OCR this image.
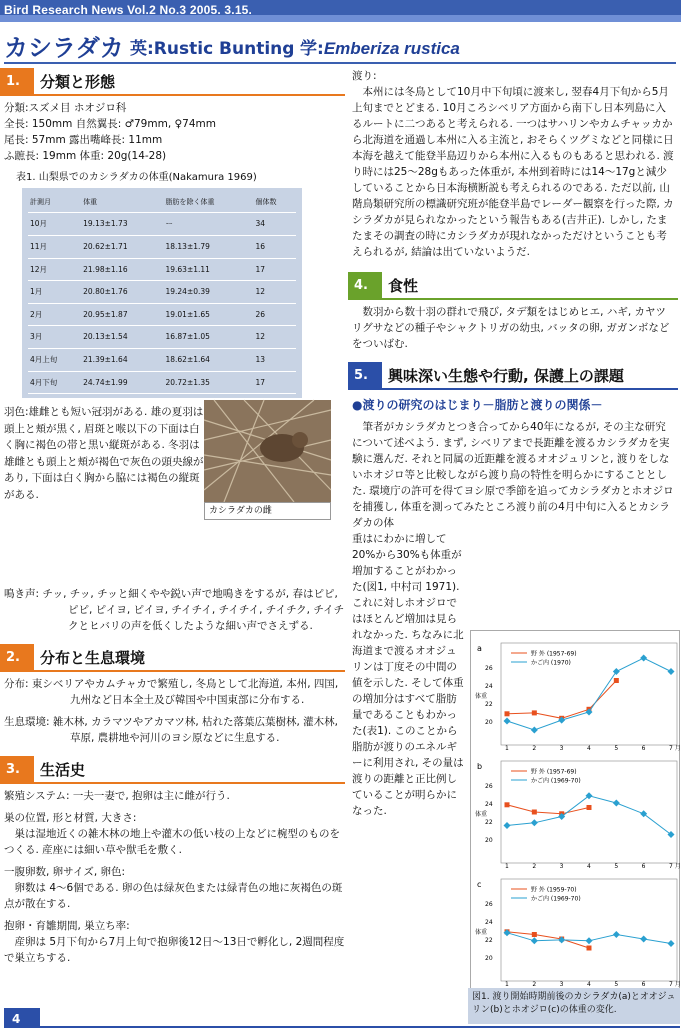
Bird Research News Vol.2 No.3 2005. 3.15.
カシラダカ 英:Rustic Bunting 学:Emberiza rustica
1.	分類と形態
分類:スズメ目 ホオジロ科
全長: 150mm 自然翼長: ♂79mm, ♀74mm
尾長: 57mm 露出嘴峰長: 11mm
ふ蹠長: 19mm 体重: 20g(14-28)
表1. 山梨県でのカシラダカの体重(Nakamura 1969)
計測月	体重	脂肪を除く体重	個体数
10月	19.13±1.73	ー	34
11月	20.62±1.71	18.13±1.79	16
12月	21.98±1.16	19.63±1.11	17
1月	20.80±1.76	19.24±0.39	12
2月	20.95±1.87	19.01±1.65	26
3月	20.13±1.54	16.87±1.05	12
4月上旬	21.39±1.64	18.62±1.64	13
4月下旬	24.74±1.99	20.72±1.35	17
羽色:雄雌とも短い冠羽がある. 雄の夏羽は頭上と頬が黒く, 眉斑と喉以下の下面は白く胸に褐色の帯と黒い縦斑がある. 冬羽は雄雌とも頭上と頬が褐色で灰色の頭央線があり, 下面は白く胸から脇には褐色の縦斑がある.
鳴き声: チッ, チッ, チッと細くやや鋭い声で地鳴きをするが, 春はピピ, ピピ, ピイヨ, ピイヨ, チイチイ, チイチイ, チイチク, チイチクとヒバリの声を低くしたような細い声でさえずる.
2.	分布と生息環境
分布: 東シベリアやカムチャカで繁殖し, 冬鳥として北海道, 本州, 四国, 九州など日本全土及び韓国や中国東部に分布する.
生息環境: 雑木林, カラマツやアカマツ林, 枯れた落葉広葉樹林, 灌木林, 草原, 農耕地や河川のヨシ原などに生息する.
3.	生活史
繁殖システム: 一夫一妻で, 抱卵は主に雌が行う.
巣の位置, 形と材質, 大きさ:
巣は湿地近くの雑木林の地上や灌木の低い枝の上などに椀型のものをつくる. 産座には細い草や獣毛を敷く.
一腹卵数, 卵サイズ, 卵色:
卵数は 4〜6個である. 卵の色は緑灰色または緑青色の地に灰褐色の斑点が散在する.
抱卵・育雛期間, 巣立ち率:
産卵は 5月下旬から7月上旬で抱卵後12日〜13日で孵化し, 2週間程度で巣立ちする.
カシラダカの雌
渡り:
本州には冬鳥として10月中下旬頃に渡来し, 翌春4月下旬から5月上旬までとどまる. 10月ころシベリア方面から南下し日本列島に入るルートに二つあると考えられる. 一つはサハリンやカムチャッカから北海道を通過し本州に入る主流と, おそらくツグミなどと同様に日本海を越えて能登半島辺りから本州に入るものもあると思われる. 渡り時には25〜28gもあった体重が, 本州到着時には14〜17gと減少していることから日本海横断説も考えられるのである. ただ以前, 山階鳥類研究所の標識研究班が能登半島でレーダー観察を行った際, カシラダカが見られなかったという報告もある(吉井正). しかし, たまたまその調査の時にカシラダカが現れなかっただけということも考えられるが, 結論は出ていないようだ.
4.	食性
数羽から数十羽の群れで飛び, タデ類をはじめヒエ, ハギ, カヤツリグサなどの種子やシャクトリガの幼虫, バッタの卵, ガガンボなどをついばむ.
5.	興味深い生態や行動, 保護上の課題
●渡りの研究のはじまり－脂肪と渡りの関係－
筆者がカシラダカとつき合ってから40年になるが, その主な研究について述べよう. まず, シベリアまで長距離を渡るカシラダカを実験に選んだ. それと同属の近距離を渡るオオジュリンと, 渡りをしないホオジロ等と比較しながら渡り鳥の特性を明らかにすることとした. 環境庁の許可を得てヨシ原で季節を追ってカシラダカとホオジロを捕獲し, 体重を測ってみたところ渡り前の4月中旬に入るとカシラダカの体
重はにわかに増して20%から30%も体重が増加することがわかった(図1, 中村司 1971). これに対しホオジロではほとんど増加は見られなかった. ちなみに北海道まで渡るオオジュリンは丁度その中間の値を示した. そして体重の増加分はすべて脂肪量であることもわかった(表1). このことから脂肪が渡りのエネルギーに利用され, その量は渡りの距離と正比例していることが明らかになった.
a
26
24
22
20
体重
1	2	3	4	5	6	7 月
野 外 (1957-69)
かご内 (1970)
b
26
24
22
20
体重
1	2	3	4	5	6	7 月
野 外 (1957-69)
かご内 (1969-70)
c
26
24
22
20
体重
1	2	3	4	5	6	7 月
野 外 (1959-70)
かご内 (1969-70)
図1. 渡り開始時期前後のカシラダカ(a)とオオジュリン(b)とホオジロ(c)の体重の変化.
4
